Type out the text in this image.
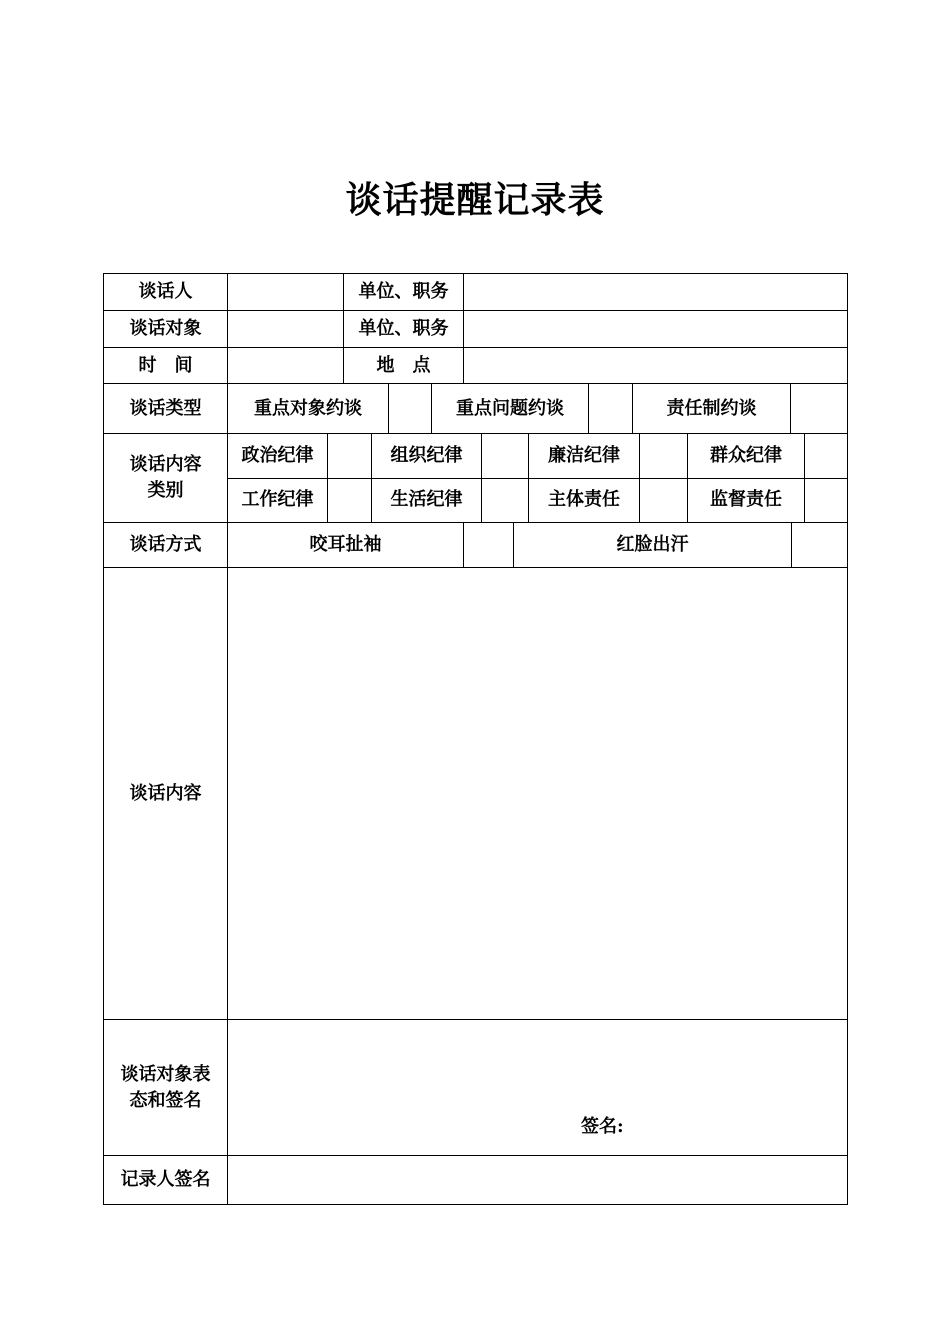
谈话提醒记录表
谈话人	单位、职务
谈话对象	单位、职务
时　间	地　点
谈话类型	重点对象约谈	重点问题约谈	责任制约谈
谈话内容类别
政治纪律	组织纪律	廉洁纪律	群众纪律
工作纪律	生活纪律	主体责任	监督责任
谈话方式	咬耳扯袖	红脸出汗
谈话内容
谈话对象表态和签名
签名:
记录人签名
